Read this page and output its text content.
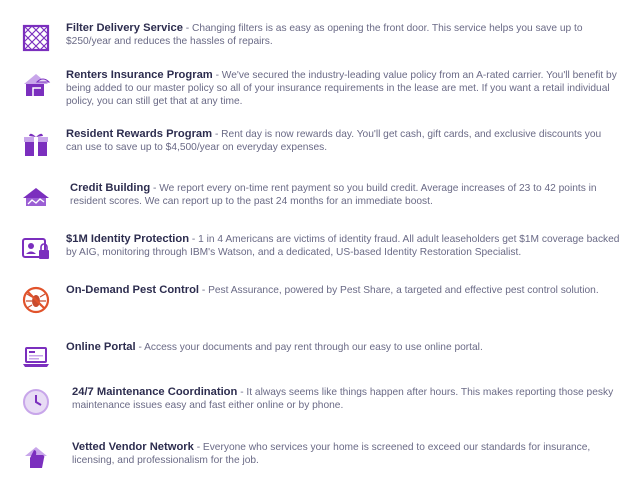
Filter Delivery Service - Changing filters is as easy as opening the front door. This service helps you save up to $250/year and reduces the hassles of repairs.
Renters Insurance Program - We've secured the industry-leading value policy from an A-rated carrier. You'll benefit by being added to our master policy so all of your insurance requirements in the lease are met. If you want a retail individual policy, you can still get that at any time.
Resident Rewards Program - Rent day is now rewards day. You'll get cash, gift cards, and exclusive discounts you can use to save up to $4,500/year on everyday expenses.
Credit Building - We report every on-time rent payment so you build credit. Average increases of 23 to 42 points in resident scores. We can report up to the past 24 months for an immediate boost.
$1M Identity Protection - 1 in 4 Americans are victims of identity fraud. All adult leaseholders get $1M coverage backed by AIG, monitoring through IBM's Watson, and a dedicated, US-based Identity Restoration Specialist.
On-Demand Pest Control - Pest Assurance, powered by Pest Share, a targeted and effective pest control solution.
Online Portal - Access your documents and pay rent through our easy to use online portal.
24/7 Maintenance Coordination - It always seems like things happen after hours. This makes reporting those pesky maintenance issues easy and fast either online or by phone.
Vetted Vendor Network - Everyone who services your home is screened to exceed our standards for insurance, licensing, and professionalism for the job.
